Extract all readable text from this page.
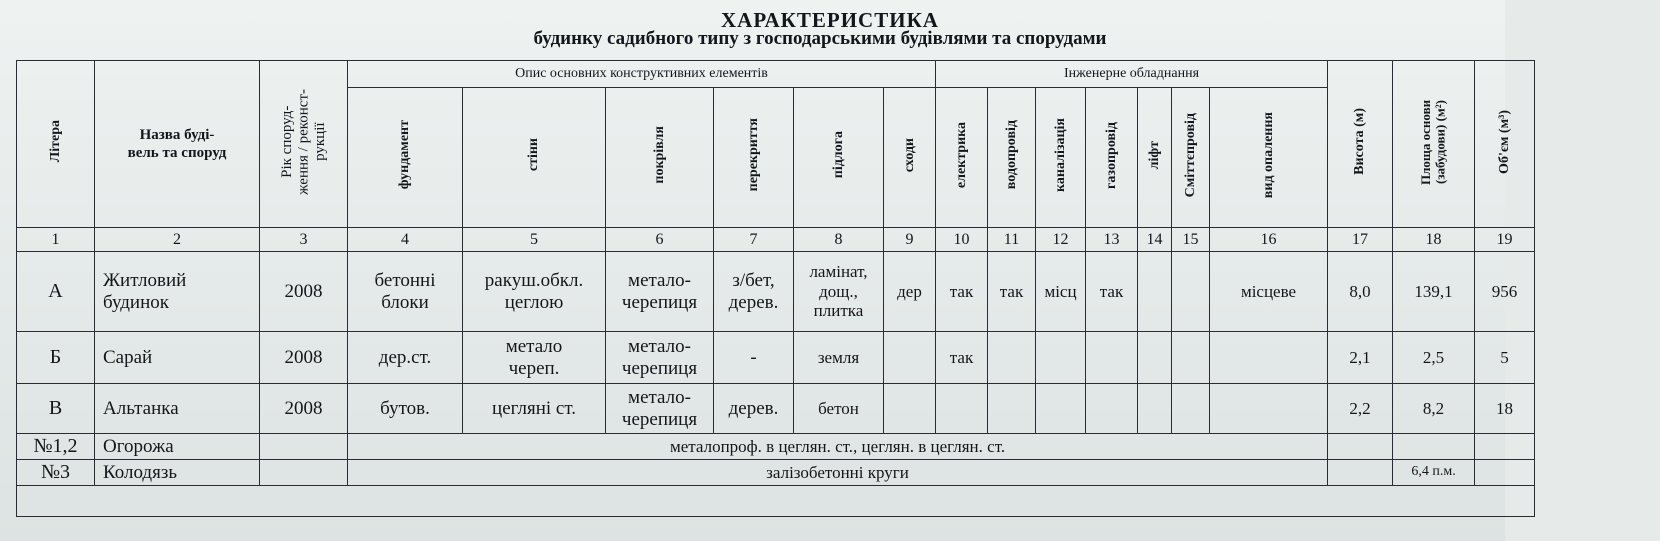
ХАРАКТЕРИСТИКА
будинку садибного типу з господарськими будівлями та спорудами
Літера	Назва буді-
вель та споруд	Рік споруд-
ження / реконст-
рукції	Опис основних конструктивних елементів						Інженерне обладнання							Висота (м)	Площа основи (забудови) (м²)	Об'єм (м³)
			фундамент	стіни	покрівля	перекриття	підлога	сходи	електрика	водопровід	каналізація	газопровід	ліфт	Сміттєпровід	вид опалення			
1	2	3	4	5	6	7	8	9	10	11	12	13	14	15	16	17	18	19
А	Житловий
будинок	2008	бетонні
блоки	ракуш.обкл.
цеглою	метало-
черепиця	з/бет,
дерев.	ламінат,
дощ.,
плитка	дер	так	так	місц	так			місцеве	8,0	139,1	956
Б	Сарай	2008	дер.ст.	метало
череп.	метало-
черепиця	-	земля		так							2,1	2,5	5
В	Альтанка	2008	бутов.	цегляні ст.	метало-
черепиця	дерев.	бетон									2,2	8,2	18
№1,2	Огорожа		металопроф. в цеглян. ст., цеглян. в цеглян. ст.															
№3	Колодязь		залізобетонні круги														6,4 п.м.	
